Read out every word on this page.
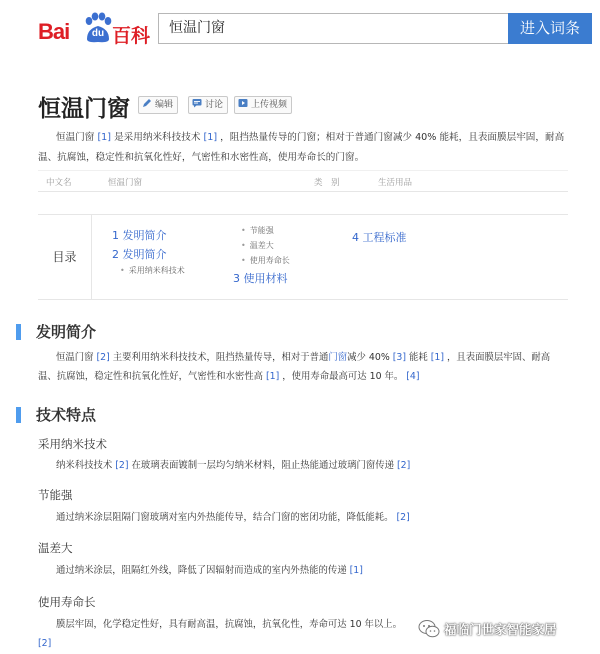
Bai	du 百科	恒温门窗	进入词条
恒温门窗	编辑	讨论	上传视频
恒温门窗 [1] 是采用纳米科技技术 [1] ，阻挡热量传导的门窗；相对于普通门窗减少 40% 能耗，且表面膜层牢固，耐高温、抗腐蚀，稳定性和抗氧化性好，气密性和水密性高，使用寿命长的门窗。
中文名	恒温门窗	类　别	生活用品
目录
1 发明简介
2 发明简介
• 采用纳米科技术
• 节能强
• 温差大
• 使用寿命长
3 使用材料
4 工程标准
发明简介
恒温门窗 [2] 主要利用纳米科技技术，阻挡热量传导，相对于普通门窗减少 40% [3] 能耗 [1] ，且表面膜层牢固、耐高温、抗腐蚀，稳定性和抗氧化性好，气密性和水密性高 [1] ，使用寿命最高可达 10 年。 [4]
技术特点
采用纳米技术
纳米科技技术 [2] 在玻璃表面镀制一层均匀纳米材料，阻止热能通过玻璃门窗传递 [2]
节能强
通过纳米涂层阻隔门窗玻璃对室内外热能传导，结合门窗的密闭功能，降低能耗。 [2]
温差大
通过纳米涂层，阻隔红外线，降低了因辐射而造成的室内外热能的传递 [1]
使用寿命长
膜层牢固，化学稳定性好，具有耐高温，抗腐蚀，抗氧化性，寿命可达 10 年以上。 [2]
福临门世家智能家居
